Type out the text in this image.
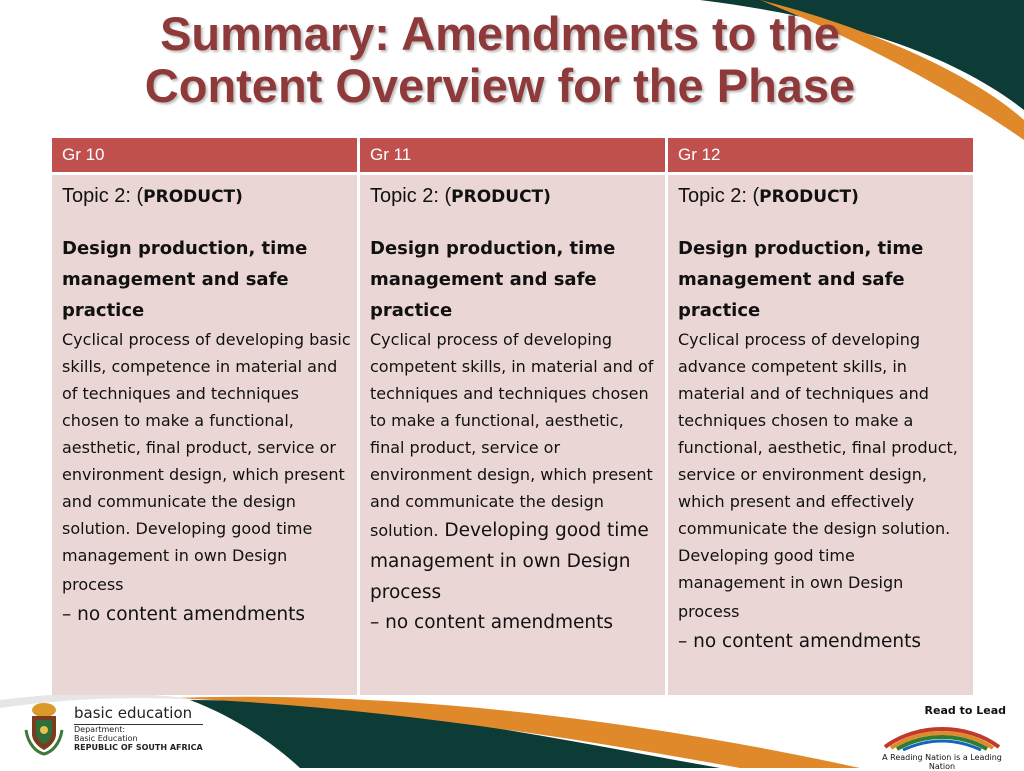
Summary: Amendments to the
Content Overview for the Phase
Gr 10
Topic 2: (PRODUCT)
Design production, time management and safe practice
Cyclical process of developing basic skills, competence in material and of techniques and techniques chosen to make a functional, aesthetic, final product, service or environment design, which present and communicate the design solution. Developing good time management in own Design process
– no content amendments
Gr 11
Topic 2: (PRODUCT)
Design production, time management and safe practice
Cyclical process of developing competent skills, in material and of techniques and techniques chosen to make a functional, aesthetic, final product, service or environment design, which present and communicate the design solution. Developing good time management in own Design process
– no content amendments
Gr 12
Topic 2: (PRODUCT)
Design production, time management and safe practice
Cyclical process of developing advance competent skills, in material and of techniques and techniques chosen to make a functional, aesthetic, final product, service or environment design, which present and effectively communicate the design solution. Developing good time management in own Design process
– no content amendments
basic education
Department:
Basic Education
REPUBLIC OF SOUTH AFRICA
Read to Lead
A Reading Nation is a Leading Nation
